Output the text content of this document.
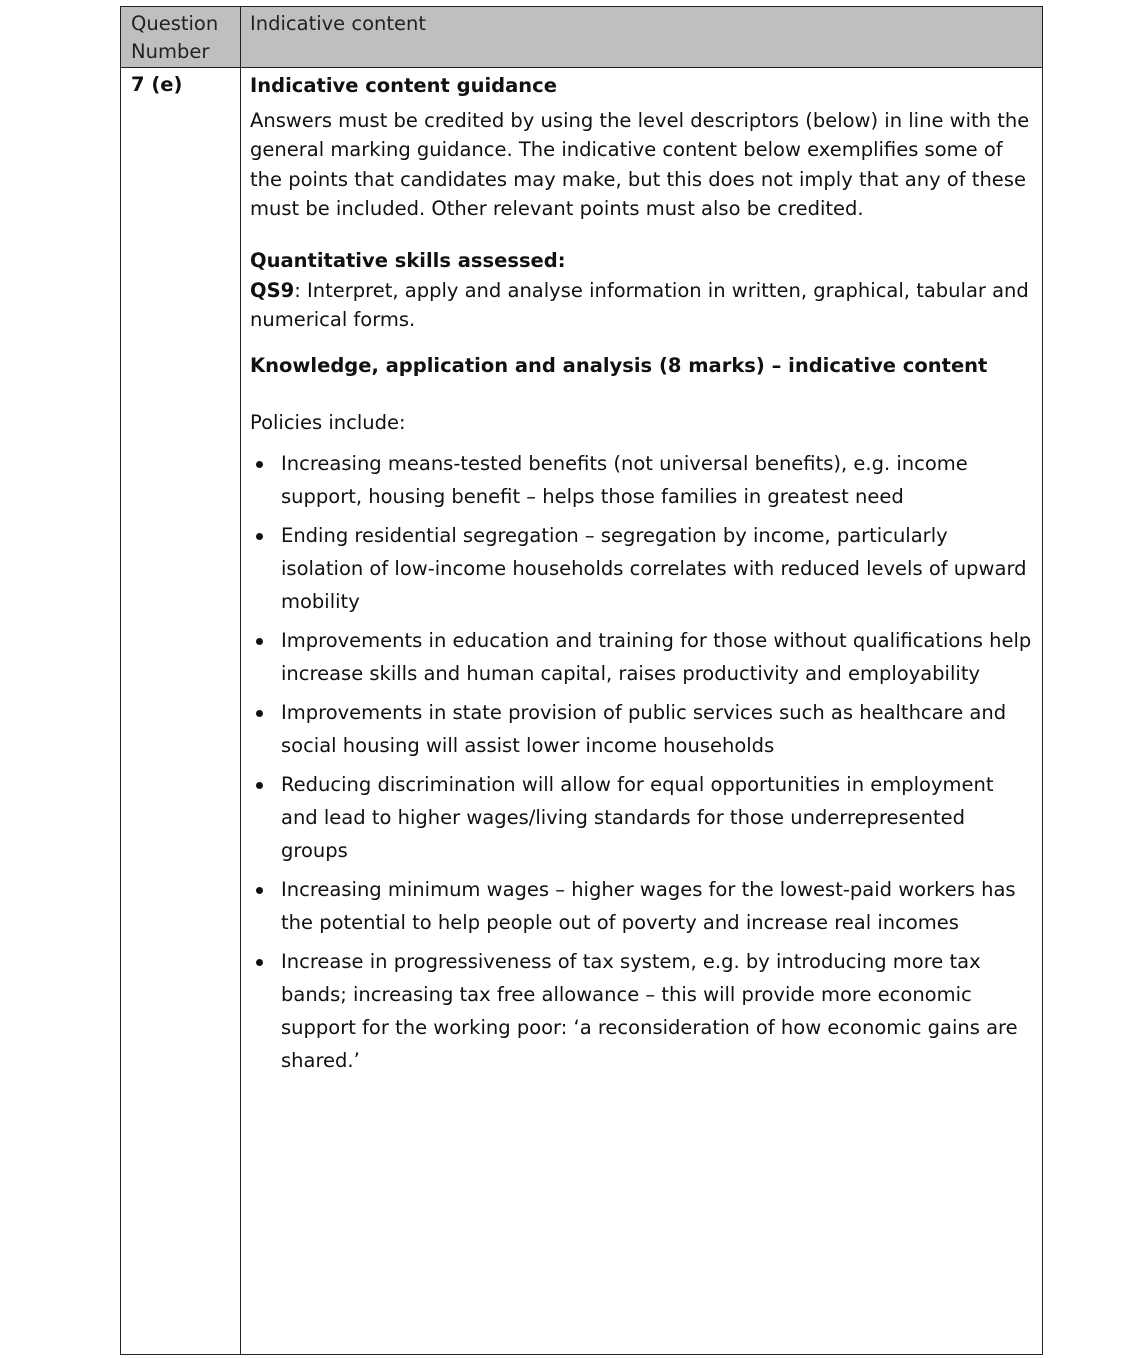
Question Number
Indicative content
7 (e)	Indicative content guidance

Answers must be credited by using the level descriptors (below) in line with the general marking guidance. The indicative content below exemplifies some of the points that candidates may make, but this does not imply that any of these must be included. Other relevant points must also be credited.

Quantitative skills assessed:

QS9: Interpret, apply and analyse information in written, graphical, tabular and numerical forms.

Knowledge, application and analysis (8 marks) – indicative content
Policies include:
Increasing means-tested benefits (not universal benefits), e.g. income support, housing benefit – helps those families in greatest need
Ending residential segregation – segregation by income, particularly isolation of low-income households correlates with reduced levels of upward mobility
Improvements in education and training for those without qualifications help increase skills and human capital, raises productivity and employability
Improvements in state provision of public services such as healthcare and social housing will assist lower income households
Reducing discrimination will allow for equal opportunities in employment and lead to higher wages/living standards for those underrepresented groups
Increasing minimum wages – higher wages for the lowest-paid workers has the potential to help people out of poverty and increase real incomes
Increase in progressiveness of tax system, e.g. by introducing more tax bands; increasing tax free allowance – this will provide more economic support for the working poor: ‘a reconsideration of how economic gains are shared.’
